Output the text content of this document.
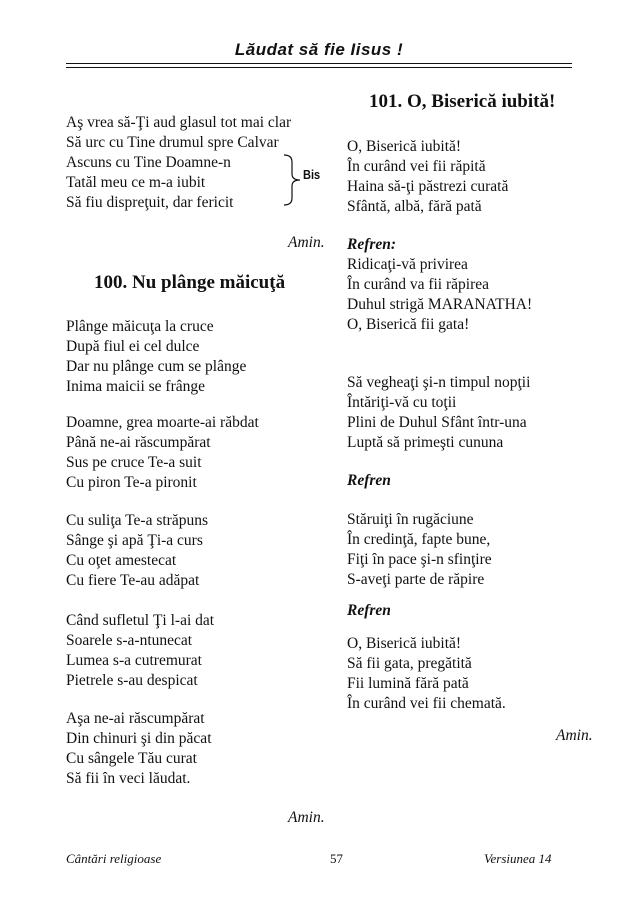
Lăudat să fie Iisus !
Aş vrea să-Ţi aud glasul tot mai clar
Să urc cu Tine drumul spre Calvar
Ascuns cu Tine Doamne-n
Tatăl meu ce m-a iubit
Să fiu dispreţuit, dar fericit
Bis
Amin.
100. Nu plânge măicuţă
Plânge măicuţa la cruce
După fiul ei cel dulce
Dar nu plânge cum se plânge
Inima maicii se frânge
Doamne, grea moarte-ai răbdat
Până ne-ai răscumpărat
Sus pe cruce Te-a suit
Cu piron Te-a pironit
Cu suliţa Te-a străpuns
Sânge şi apă Ţi-a curs
Cu oţet amestecat
Cu fiere Te-au adăpat
Când sufletul Ţi l-ai dat
Soarele s-a-ntunecat
Lumea s-a cutremurat
Pietrele s-au despicat
Aşa ne-ai răscumpărat
Din chinuri şi din păcat
Cu sângele Tău curat
Să fii în veci lăudat.
Amin.
101. O, Biserică iubită!
O, Biserică iubită!
În curând vei fii răpită
Haina să-ţi păstrezi curată
Sfântă, albă, fără pată
Refren:
Ridicaţi-vă privirea
În curând va fii răpirea
Duhul strigă MARANATHA!
O, Biserică fii gata!
Să vegheaţi şi-n timpul nopţii
Întăriţi-vă cu toţii
Plini de Duhul Sfânt într-una
Luptă să primeşti cununa
Refren
Stăruiţi în rugăciune
În credinţă, fapte bune,
Fiţi în pace şi-n sfinţire
S-aveţi parte de răpire
Refren
O, Biserică iubită!
Să fii gata, pregătită
Fii lumină fără pată
În curând vei fii chemată.
Amin.
Cântări religioase	57	Versiunea 14
